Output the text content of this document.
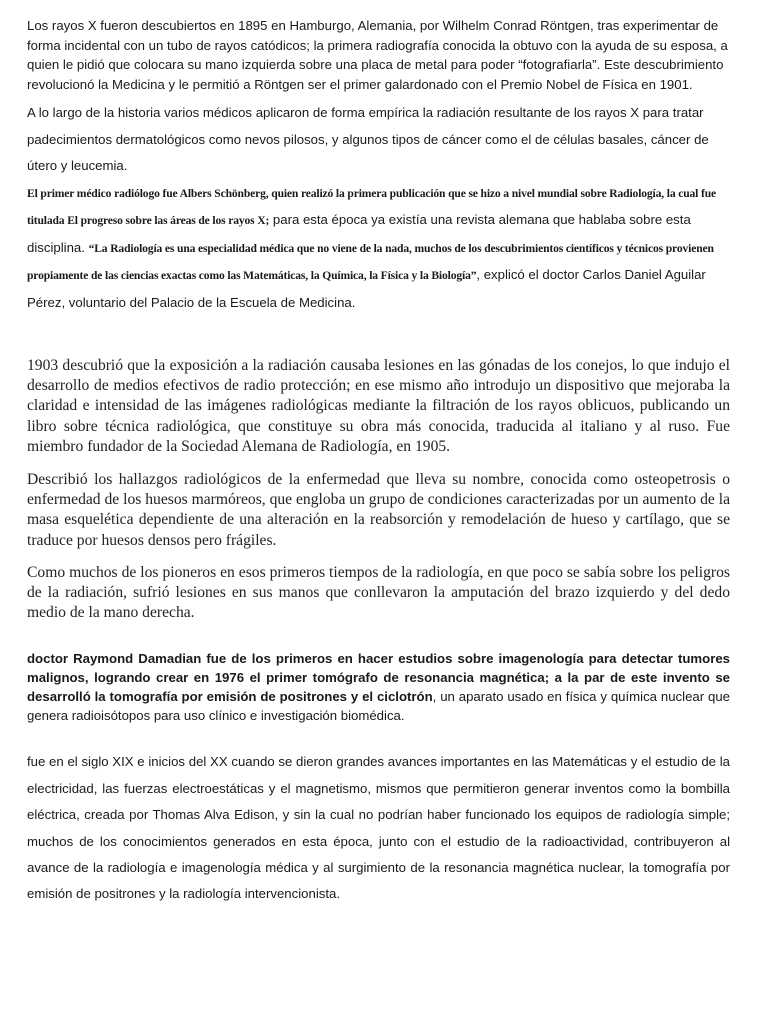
Los rayos X fueron descubiertos en 1895 en Hamburgo, Alemania, por Wilhelm Conrad Röntgen, tras experimentar de forma incidental con un tubo de rayos catódicos; la primera radiografía conocida la obtuvo con la ayuda de su esposa, a quien le pidió que colocara su mano izquierda sobre una placa de metal para poder “fotografiarla”. Este descubrimiento revolucionó la Medicina y le permitió a Röntgen ser el primer galardonado con el Premio Nobel de Física en 1901.

A lo largo de la historia varios médicos aplicaron de forma empírica la radiación resultante de los rayos X para tratar padecimientos dermatológicos como nevos pilosos, y algunos tipos de cáncer como el de células basales, cáncer de útero y leucemia.

El primer médico radiólogo fue Albers Schönberg, quien realizó la primera publicación que se hizo a nivel mundial sobre Radiología, la cual fue titulada El progreso sobre las áreas de los rayos X; para esta época ya existía una revista alemana que hablaba sobre esta disciplina. “La Radiología es una especialidad médica que no viene de la nada, muchos de los descubrimientos científicos y técnicos provienen propiamente de las ciencias exactas como las Matemáticas, la Química, la Física y la Biología”, explicó el doctor Carlos Daniel Aguilar Pérez, voluntario del Palacio de la Escuela de Medicina.

1903 descubrió que la exposición a la radiación causaba lesiones en las gónadas de los conejos, lo que indujo el desarrollo de medios efectivos de radio protección; en ese mismo año introdujo un dispositivo que mejoraba la claridad e intensidad de las imágenes radiológicas mediante la filtración de los rayos oblicuos, publicando un libro sobre técnica radiológica, que constituye su obra más conocida, traducida al italiano y al ruso. Fue miembro fundador de la Sociedad Alemana de Radiología, en 1905.

Describió los hallazgos radiológicos de la enfermedad que lleva su nombre, conocida como osteopetrosis o enfermedad de los huesos marmóreos, que engloba un grupo de condiciones caracterizadas por un aumento de la masa esquelética dependiente de una alteración en la reabsorción y remodelación de hueso y cartílago, que se traduce por huesos densos pero frágiles.

Como muchos de los pioneros en esos primeros tiempos de la radiología, en que poco se sabía sobre los peligros de la radiación, sufrió lesiones en sus manos que conllevaron la amputación del brazo izquierdo y del dedo medio de la mano derecha.

doctor Raymond Damadian fue de los primeros en hacer estudios sobre imagenología para detectar tumores malignos, logrando crear en 1976 el primer tomógrafo de resonancia magnética; a la par de este invento se desarrolló la tomografía por emisión de positrones y el ciclotrón, un aparato usado en física y química nuclear que genera radioisótopos para uso clínico e investigación biomédica.

fue en el siglo XIX e inicios del XX cuando se dieron grandes avances importantes en las Matemáticas y el estudio de la electricidad, las fuerzas electroestáticas y el magnetismo, mismos que permitieron generar inventos como la bombilla eléctrica, creada por Thomas Alva Edison, y sin la cual no podrían haber funcionado los equipos de radiología simple; muchos de los conocimientos generados en esta época, junto con el estudio de la radioactividad, contribuyeron al avance de la radiología e imagenología médica y al surgimiento de la resonancia magnética nuclear, la tomografía por emisión de positrones y la radiología intervencionista.
